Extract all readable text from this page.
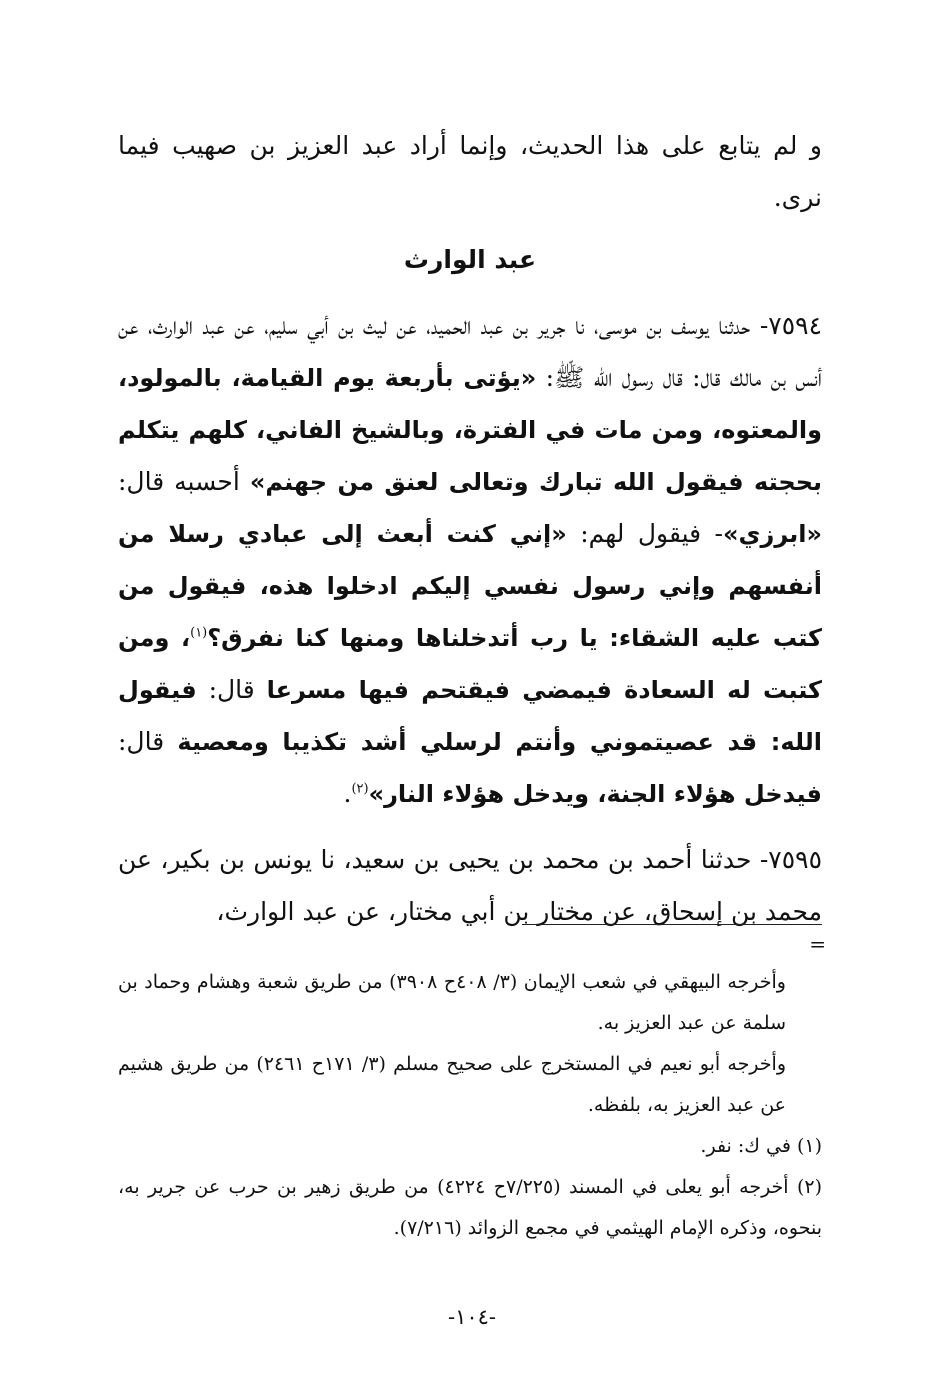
و لم يتابع على هذا الحديث، وإنما أراد عبد العزيز بن صهيب فيما نرى.

عبد الوارث

٧٥٩٤- حدثنا يوسف بن موسى، نا جرير بن عبد الحميد، عن ليث بن أبي سليم، عن عبد الوارث، عن أنس بن مالك قال: قال رسول الله ﷺ: «يؤتى بأربعة يوم القيامة، بالمولود، والمعتوه، ومن مات في الفترة، وبالشيخ الفاني، كلهم يتكلم بحجته فيقول الله تبارك وتعالى لعنق من جهنم» أحسبه قال: «ابرزي»- فيقول لهم: «إني كنت أبعث إلى عبادي رسلا من أنفسهم وإني رسول نفسي إليكم ادخلوا هذه، فيقول من كتب عليه الشقاء: يا رب أتدخلناها ومنها كنا نفرق؟$^{(١)}$، ومن كتبت له السعادة فيمضي فيقتحم فيها مسرعا قال: فيقول الله: قد عصيتموني وأنتم لرسلي أشد تكذيبا ومعصية قال: فيدخل هؤلاء الجنة، ويدخل هؤلاء النار»$^{(٢)}$.

٧٥٩٥- حدثنا أحمد بن محمد بن يحيى بن سعيد، نا يونس بن بكير، عن محمد بن إسحاق، عن مختار بن أبي مختار، عن عبد الوارث،

=

وأخرجه البيهقي في شعب الإيمان (٣/ ٤٠٨ح ٣٩٠٨) من طريق شعبة وهشام وحماد بن سلمة عن عبد العزيز به.

وأخرجه أبو نعيم في المستخرج على صحيح مسلم (٣/ ١٧١ح ٢٤٦١) من طريق هشيم عن عبد العزيز به، بلفظه.

(١) في ك: نفر.

(٢) أخرجه أبو يعلى في المسند (٧/٢٢٥ح ٤٢٢٤) من طريق زهير بن حرب عن جرير به، بنحوه، وذكره الإمام الهيثمي في مجمع الزوائد (٧/٢١٦).

-١٠٤-
